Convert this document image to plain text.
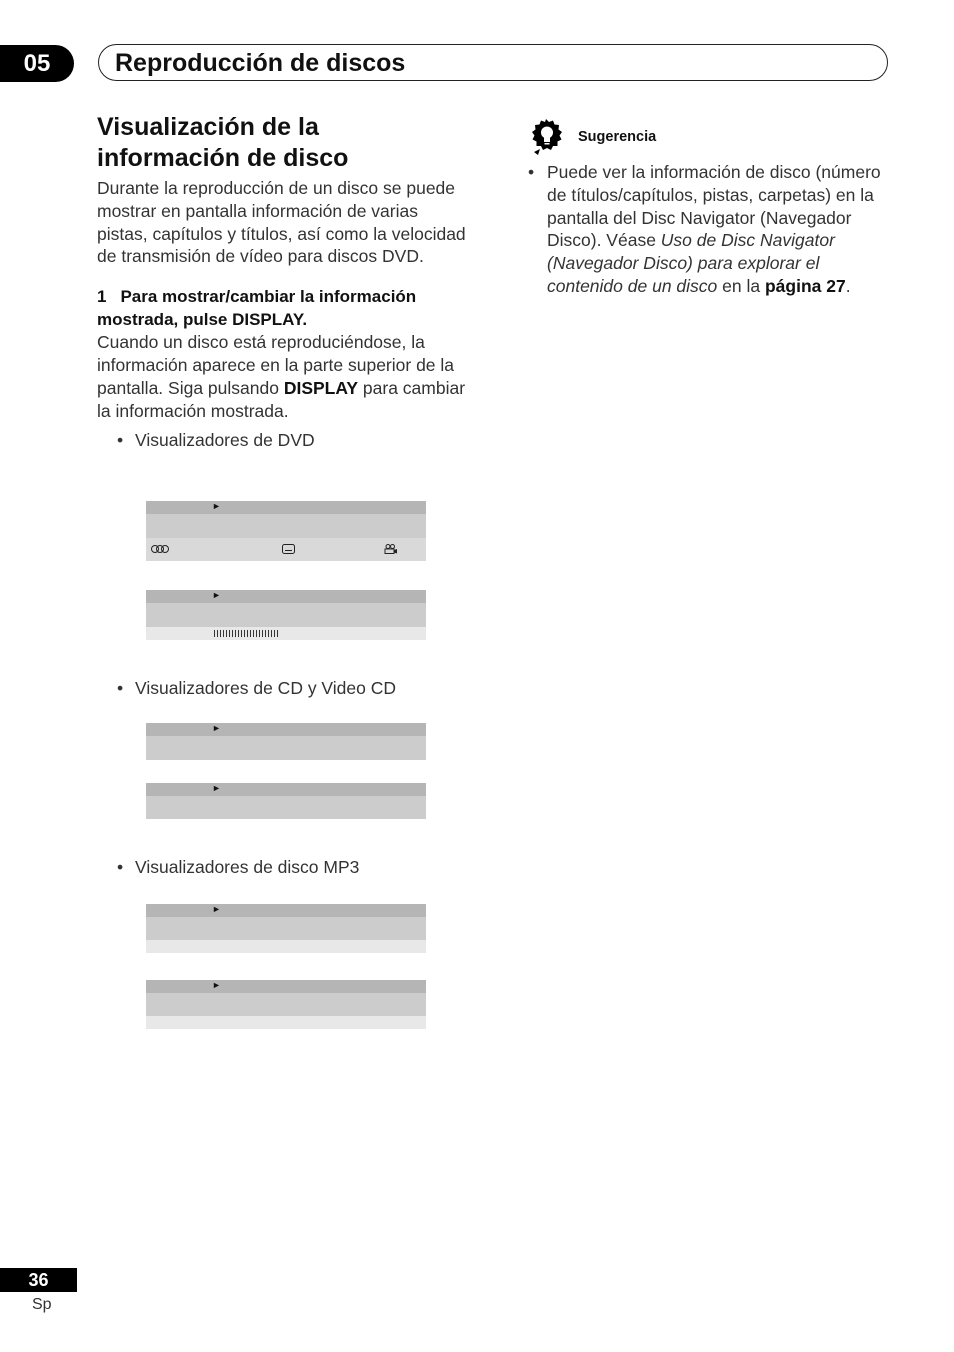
05	Reproducción de discos
Visualización de la
información de disco

Durante la reproducción de un disco se puede mostrar en pantalla información de varias pistas, capítulos y títulos, así como la velocidad de transmisión de vídeo para discos DVD.

1 Para mostrar/cambiar la información mostrada, pulse DISPLAY.

Cuando un disco está reproduciéndose, la información aparece en la parte superior de la pantalla. Siga pulsando DISPLAY para cambiar la información mostrada.

• Visualizadores de DVD
►
►
• Visualizadores de CD y Video CD
►
►
• Visualizadores de disco MP3
►
►
Sugerencia
• Puede ver la información de disco (número de títulos/capítulos, pistas, carpetas) en la pantalla del Disc Navigator (Navegador Disco). Véase Uso de Disc Navigator (Navegador Disco) para explorar el contenido de un disco en la página 27.
36
Sp
